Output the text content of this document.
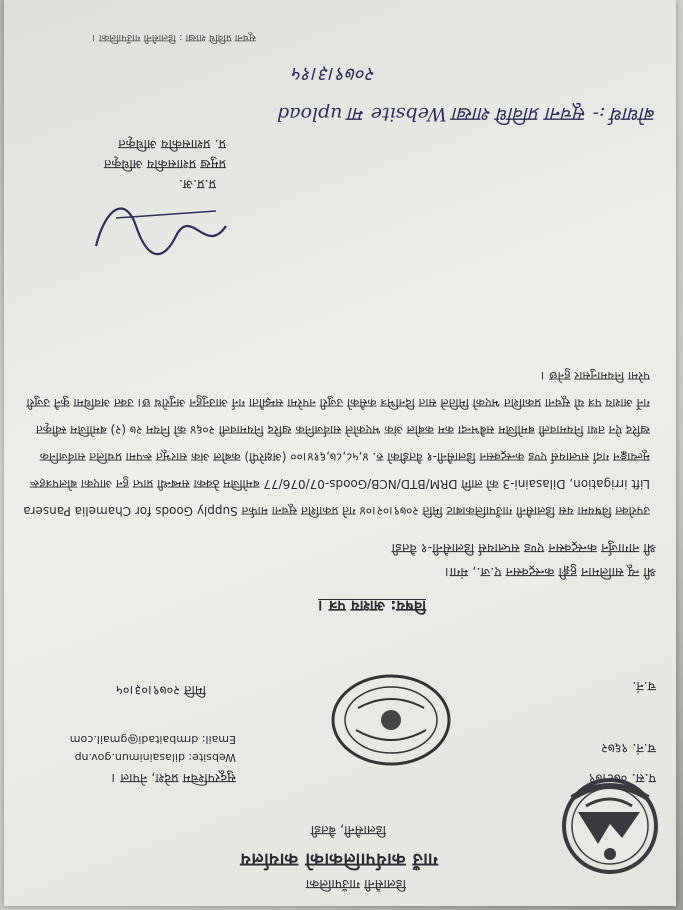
डिलासैनी गाउँपालिका
गाउँ कार्यपालिकाको कार्यालय
डिलासैनी, बैतडी
प.स. ०७८।७९
च.नं. ९६७२
सुदूरपश्चिम प्रदेश, नेपाल ।
Website: dilasainimun.gov.np
Email: drmbaitadi@gmail.com
च.नं.
मिति २०७९।०३।०५
विषय: आशय पत्र ।
श्री न्यू सालिमान हुङ्गी कन्स्ट्रक्सन ए.ज., मंगा।
श्री नागार्जुन कन्स्ट्रक्सन एण्ड सप्लायर्स डिलासैनी-१ वैतडी
उपरोक्त विषयमा यस डिलासैनी गाउँपालिकाबाट मिति २०७९।०२।०४ गते प्रकाशित सूचना मार्फत Supply Goods for Chamelia Pansera Lift irrigation, Dilasaini-3 को लागि DRM/BTD/NCB/Goods-07/076/77 बमोजिम ठेक्का सम्बन्धी प्राप्त हुन आएका बोलपत्रहरू मूल्याङ्कन गर्दा सप्लायर्स एण्ड कन्स्ट्रक्सन डिलासैनी-१ वैतडीको रु. ४,५८,८७,६१४।०० (अक्षरेपी) कबोल अंक सारभूत रूपमा प्रचलित सार्वजनिक खरिद ऐन तथा नियमावली बमोजिम सबैभन्दा कम कबोल अंक भएकोले सार्वजनिक खरिद नियमावली २०६४ को नियम २७ (२) बमोजिम स्वीकृत गर्ने आशय पत्र यो सूचना प्रकाशित भएको मितिले सात दिनभित्र कसैको उजुरी नपरेमा सम्झौता गर्न आउनुहुन अनुरोध छ। उक्त अवधिमा कुनै उजुरी परेमा नियमानुसार हुनेछ ।
प्र.प्र.अ.
प्रमुख प्रशासकीय अधिकृत
प्र. प्रशासकीय अधिकृत
बोधार्थ :- सूचना प्रविधि शाखा Website मा upload
२०७९।३।१५
सूचना प्रविधि शाखा : डिलासैनी गाउँपालिका ।
